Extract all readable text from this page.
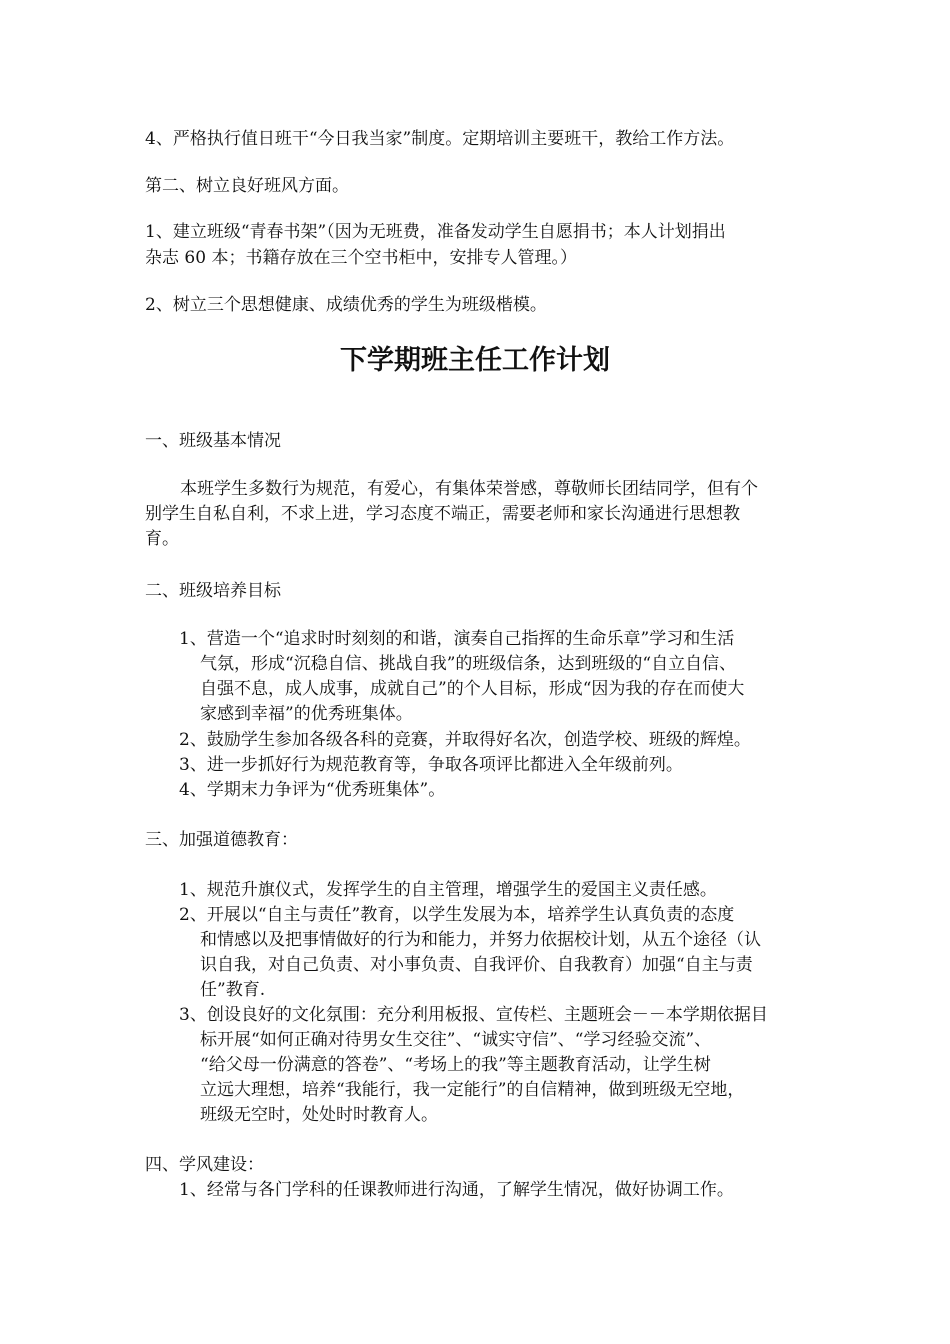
4、严格执行值日班干“今日我当家”制度。定期培训主要班干，教给工作方法。
第二、树立良好班风方面。
1、建立班级“青春书架”（因为无班费，准备发动学生自愿捐书；本人计划捐出
杂志 60 本；书籍存放在三个空书柜中，安排专人管理。）
2、树立三个思想健康、成绩优秀的学生为班级楷模。
下学期班主任工作计划
一、班级基本情况
本班学生多数行为规范，有爱心，有集体荣誉感，尊敬师长团结同学，但有个
别学生自私自利，不求上进，学习态度不端正，需要老师和家长沟通进行思想教
育。
二、班级培养目标
1、营造一个“追求时时刻刻的和谐，演奏自己指挥的生命乐章”学习和生活
气氛，形成“沉稳自信、挑战自我”的班级信条，达到班级的“自立自信、
自强不息，成人成事，成就自己”的个人目标，形成“因为我的存在而使大
家感到幸福”的优秀班集体。
2、鼓励学生参加各级各科的竞赛，并取得好名次，创造学校、班级的辉煌。
3、进一步抓好行为规范教育等，争取各项评比都进入全年级前列。
4、学期末力争评为“优秀班集体”。
三、加强道德教育：
1、规范升旗仪式，发挥学生的自主管理，增强学生的爱国主义责任感。
2、开展以“自主与责任”教育，以学生发展为本，培养学生认真负责的态度
和情感以及把事情做好的行为和能力，并努力依据校计划，从五个途径（认
识自我，对自己负责、对小事负责、自我评价、自我教育）加强“自主与责
任”教育.
3、创设良好的文化氛围：充分利用板报、宣传栏、主题班会－－本学期依据目
标开展“如何正确对待男女生交往”、“诚实守信”、“学习经验交流”、
“给父母一份满意的答卷”、“考场上的我”等主题教育活动，让学生树
立远大理想，培养“我能行，我一定能行”的自信精神，做到班级无空地，
班级无空时，处处时时教育人。
四、学风建设：
1、经常与各门学科的任课教师进行沟通，了解学生情况，做好协调工作。
